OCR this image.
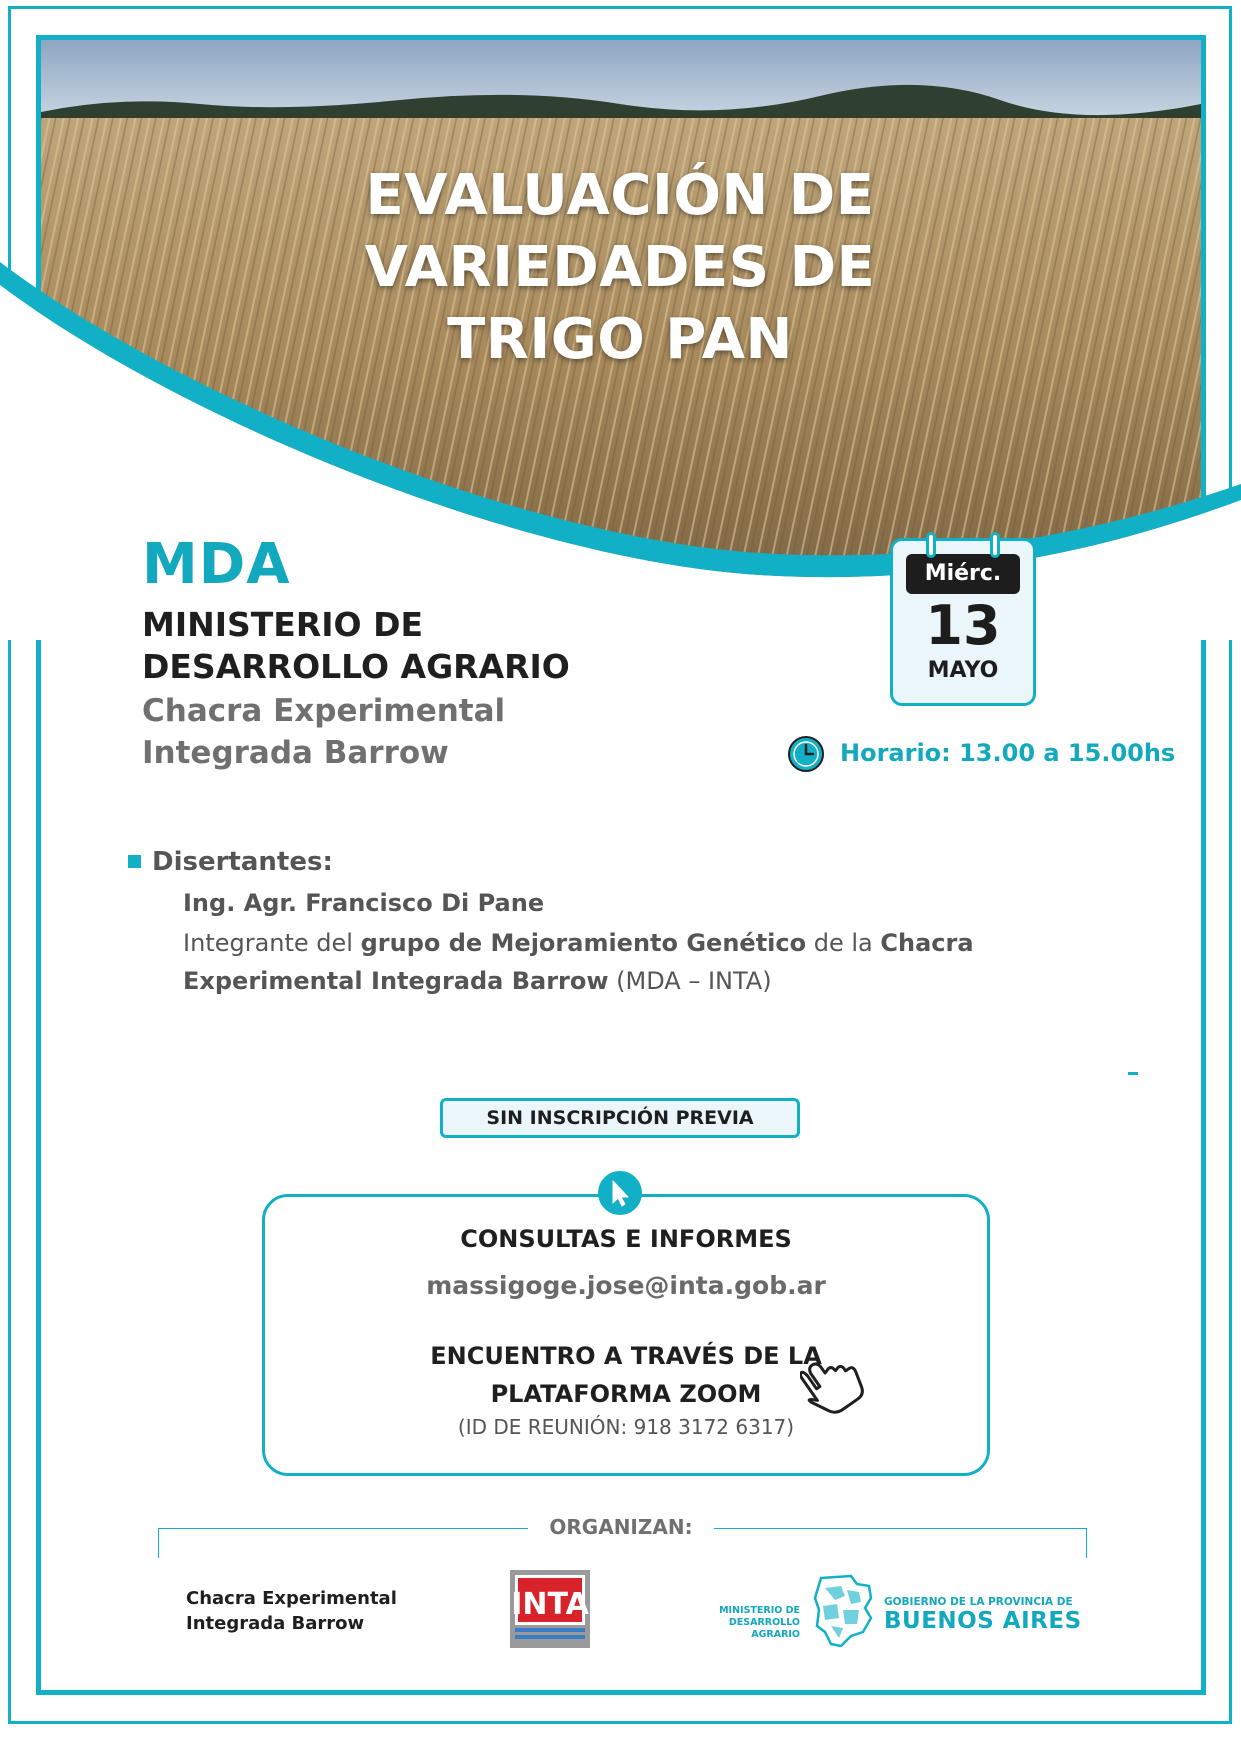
EVALUACIÓN DE
VARIEDADES DE
TRIGO PAN
MDA
MINISTERIO DE
DESARROLLO AGRARIO
Chacra Experimental
Integrada Barrow
Miérc.
13
MAYO
Horario: 13.00 a 15.00hs
Disertantes:
Ing. Agr. Francisco Di Pane
Integrante del grupo de Mejoramiento Genético de la Chacra Experimental Integrada Barrow (MDA – INTA)
SIN INSCRIPCIÓN PREVIA
CONSULTAS E INFORMES
massigoge.jose@inta.gob.ar
ENCUENTRO A TRAVÉS DE LA
PLATAFORMA ZOOM
(ID DE REUNIÓN: 918 3172 6317)
ORGANIZAN:
Chacra Experimental
Integrada Barrow
INTA	MINISTERIO DE
DESARROLLO AGRARIO
GOBIERNO DE LA PROVINCIA DE
BUENOS AIRES
